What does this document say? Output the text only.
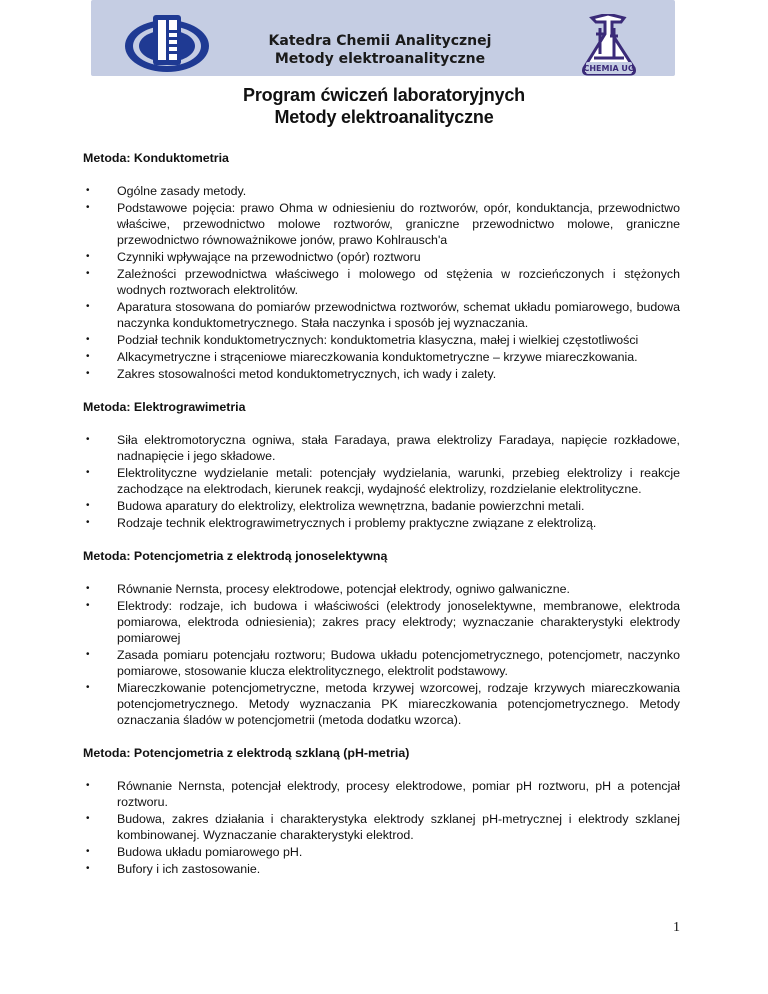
Katedra Chemii Analitycznej
Metody elektroanalityczne
CHEMIA UG
Program ćwiczeń laboratoryjnych
Metody elektroanalityczne
Metoda: Konduktometria
• Ogólne zasady metody.
• Podstawowe pojęcia: prawo Ohma w odniesieniu do roztworów, opór, konduktancja, przewodnictwo właściwe, przewodnictwo molowe roztworów, graniczne przewodnictwo molowe, graniczne przewodnictwo równoważnikowe jonów, prawo Kohlrausch'a
• Czynniki wpływające na przewodnictwo (opór) roztworu
• Zależności przewodnictwa właściwego i molowego od stężenia w rozcieńczonych i stężonych wodnych roztworach elektrolitów.
• Aparatura stosowana do pomiarów przewodnictwa roztworów, schemat układu pomiarowego, budowa naczynka konduktometrycznego. Stała naczynka i sposób jej wyznaczania.
• Podział technik konduktometrycznych: konduktometria klasyczna, małej i wielkiej częstotliwości
• Alkacymetryczne i strąceniowe miareczkowania konduktometryczne – krzywe miareczkowania.
• Zakres stosowalności metod konduktometrycznych, ich wady i zalety.
Metoda: Elektrograwimetria
• Siła elektromotoryczna ogniwa, stała Faradaya, prawa elektrolizy Faradaya, napięcie rozkładowe, nadnapięcie i jego składowe.
• Elektrolityczne wydzielanie metali: potencjały wydzielania, warunki, przebieg elektrolizy i reakcje zachodzące na elektrodach, kierunek reakcji, wydajność elektrolizy, rozdzielanie elektrolityczne.
• Budowa aparatury do elektrolizy, elektroliza wewnętrzna, badanie powierzchni metali.
• Rodzaje technik elektrograwimetrycznych i problemy praktyczne związane z elektrolizą.
Metoda: Potencjometria z elektrodą jonoselektywną
• Równanie Nernsta, procesy elektrodowe, potencjał elektrody, ogniwo galwaniczne.
• Elektrody: rodzaje, ich budowa i właściwości (elektrody jonoselektywne, membranowe, elektroda pomiarowa, elektroda odniesienia); zakres pracy elektrody; wyznaczanie charakterystyki elektrody pomiarowej
• Zasada pomiaru potencjału roztworu; Budowa układu potencjometrycznego, potencjometr, naczynko pomiarowe, stosowanie klucza elektrolitycznego, elektrolit podstawowy.
• Miareczkowanie potencjometryczne, metoda krzywej wzorcowej, rodzaje krzywych miareczkowania potencjometrycznego. Metody wyznaczania PK miareczkowania potencjometrycznego. Metody oznaczania śladów w potencjometrii (metoda dodatku wzorca).
Metoda: Potencjometria z elektrodą szklaną (pH-metria)
• Równanie Nernsta, potencjał elektrody, procesy elektrodowe, pomiar pH roztworu, pH a potencjał roztworu.
• Budowa, zakres działania i charakterystyka elektrody szklanej pH-metrycznej i elektrody szklanej kombinowanej. Wyznaczanie charakterystyki elektrod.
• Budowa układu pomiarowego pH.
• Bufory i ich zastosowanie.
1
